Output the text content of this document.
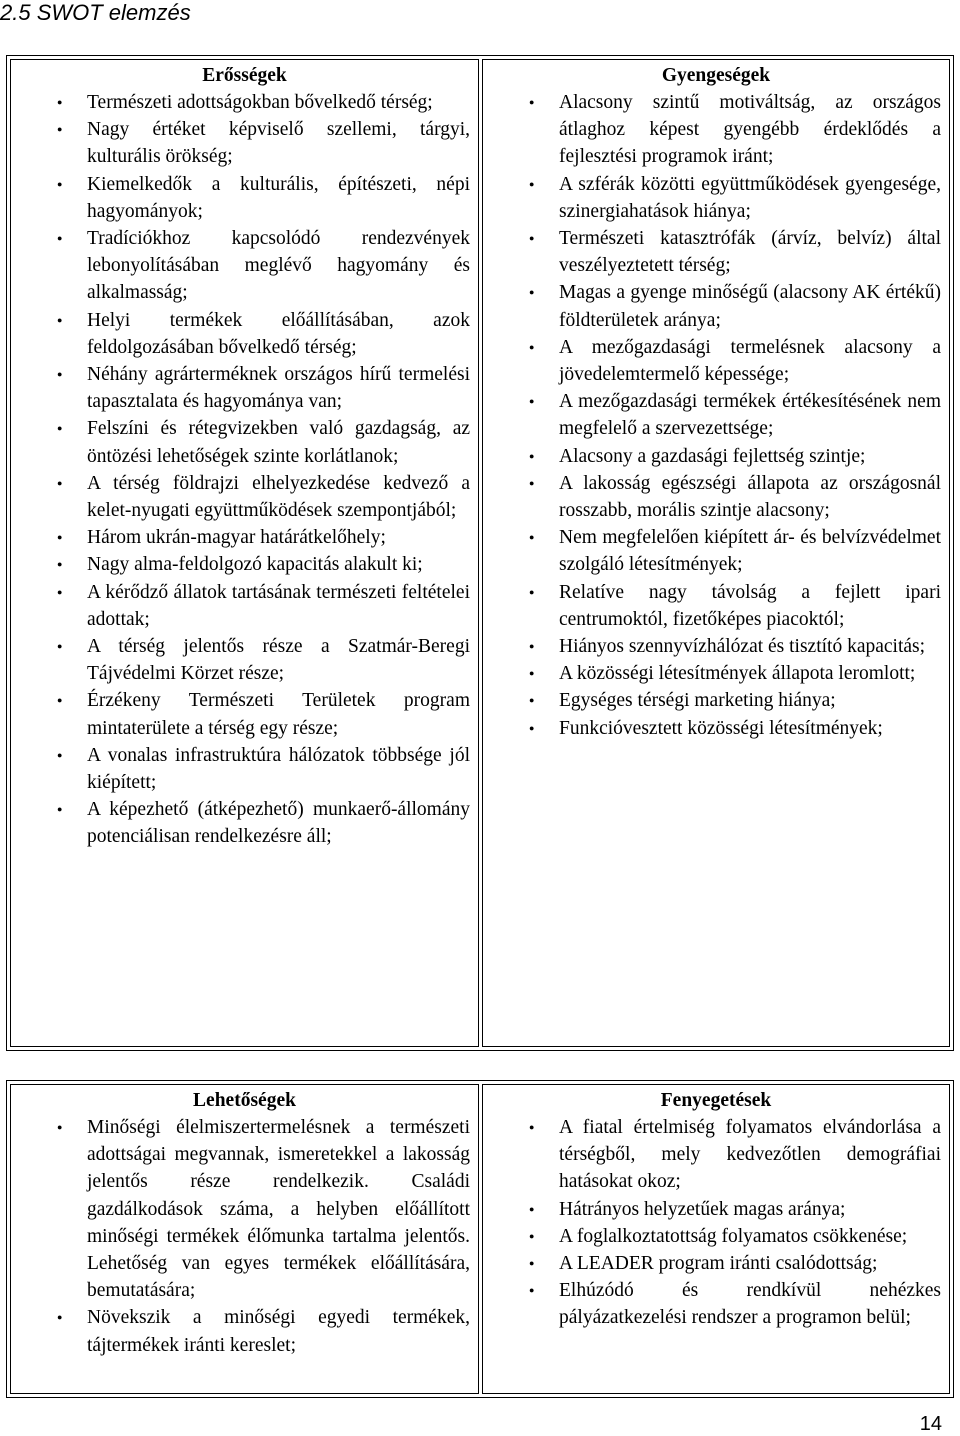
2.5 SWOT elemzés
Erősségek
● Természeti adottságokban bővelkedő térség;
● Nagy értéket képviselő szellemi, tárgyi, kulturális örökség;
● Kiemelkedők a kulturális, építészeti, népi hagyományok;
● Tradíciókhoz kapcsolódó rendezvények lebonyolításában meglévő hagyomány és alkalmasság;
● Helyi termékek előállításában, azok feldolgozásában bővelkedő térség;
● Néhány agrárterméknek országos hírű termelési tapasztalata és hagyománya van;
● Felszíni és rétegvizekben való gazdagság, az öntözési lehetőségek szinte korlátlanok;
● A térség földrajzi elhelyezkedése kedvező a kelet-nyugati együttműködések szempontjából;
● Három ukrán-magyar határátkelőhely;
● Nagy alma-feldolgozó kapacitás alakult ki;
● A kérődző állatok tartásának természeti feltételei adottak;
● A térség jelentős része a Szatmár-Beregi Tájvédelmi Körzet része;
● Érzékeny Természeti Területek program mintaterülete a térség egy része;
● A vonalas infrastruktúra hálózatok többsége jól kiépített;
● A képezhető (átképezhető) munkaerő-állomány potenciálisan rendelkezésre áll;

Gyengeségek
● Alacsony szintű motiváltság, az országos átlaghoz képest gyengébb érdeklődés a fejlesztési programok iránt;
● A szférák közötti együttműködések gyengesége, szinergiahatások hiánya;
● Természeti katasztrófák (árvíz, belvíz) által veszélyeztetett térség;
● Magas a gyenge minőségű (alacsony AK értékű) földterületek aránya;
● A mezőgazdasági termelésnek alacsony a jövedelemtermelő képessége;
● A mezőgazdasági termékek értékesítésének nem megfelelő a szervezettsége;
● Alacsony a gazdasági fejlettség szintje;
● A lakosság egészségi állapota az országosnál rosszabb, morális szintje alacsony;
● Nem megfelelően kiépített ár- és belvízvédelmet szolgáló létesítmények;
● Relatíve nagy távolság a fejlett ipari centrumoktól, fizetőképes piacoktól;
● Hiányos szennyvízhálózat és tisztító kapacitás;
● A közösségi létesítmények állapota leromlott;
● Egységes térségi marketing hiánya;
● Funkcióvesztett közösségi létesítmények;
Lehetőségek
● Minőségi élelmiszertermelésnek a természeti adottságai megvannak, ismeretekkel a lakosság jelentős része rendelkezik. Családi gazdálkodások száma, a helyben előállított minőségi termékek élőmunka tartalma jelentős. Lehetőség van egyes termékek előállítására, bemutatására;
● Növekszik a minőségi egyedi termékek, tájtermékek iránti kereslet;

Fenyegetések
● A fiatal értelmiség folyamatos elvándorlása a térségből, mely kedvezőtlen demográfiai hatásokat okoz;
● Hátrányos helyzetűek magas aránya;
● A foglalkoztatottság folyamatos csökkenése;
● A LEADER program iránti csalódottság;
● Elhúzódó és rendkívül nehézkes pályázatkezelési rendszer a programon belül;
14
